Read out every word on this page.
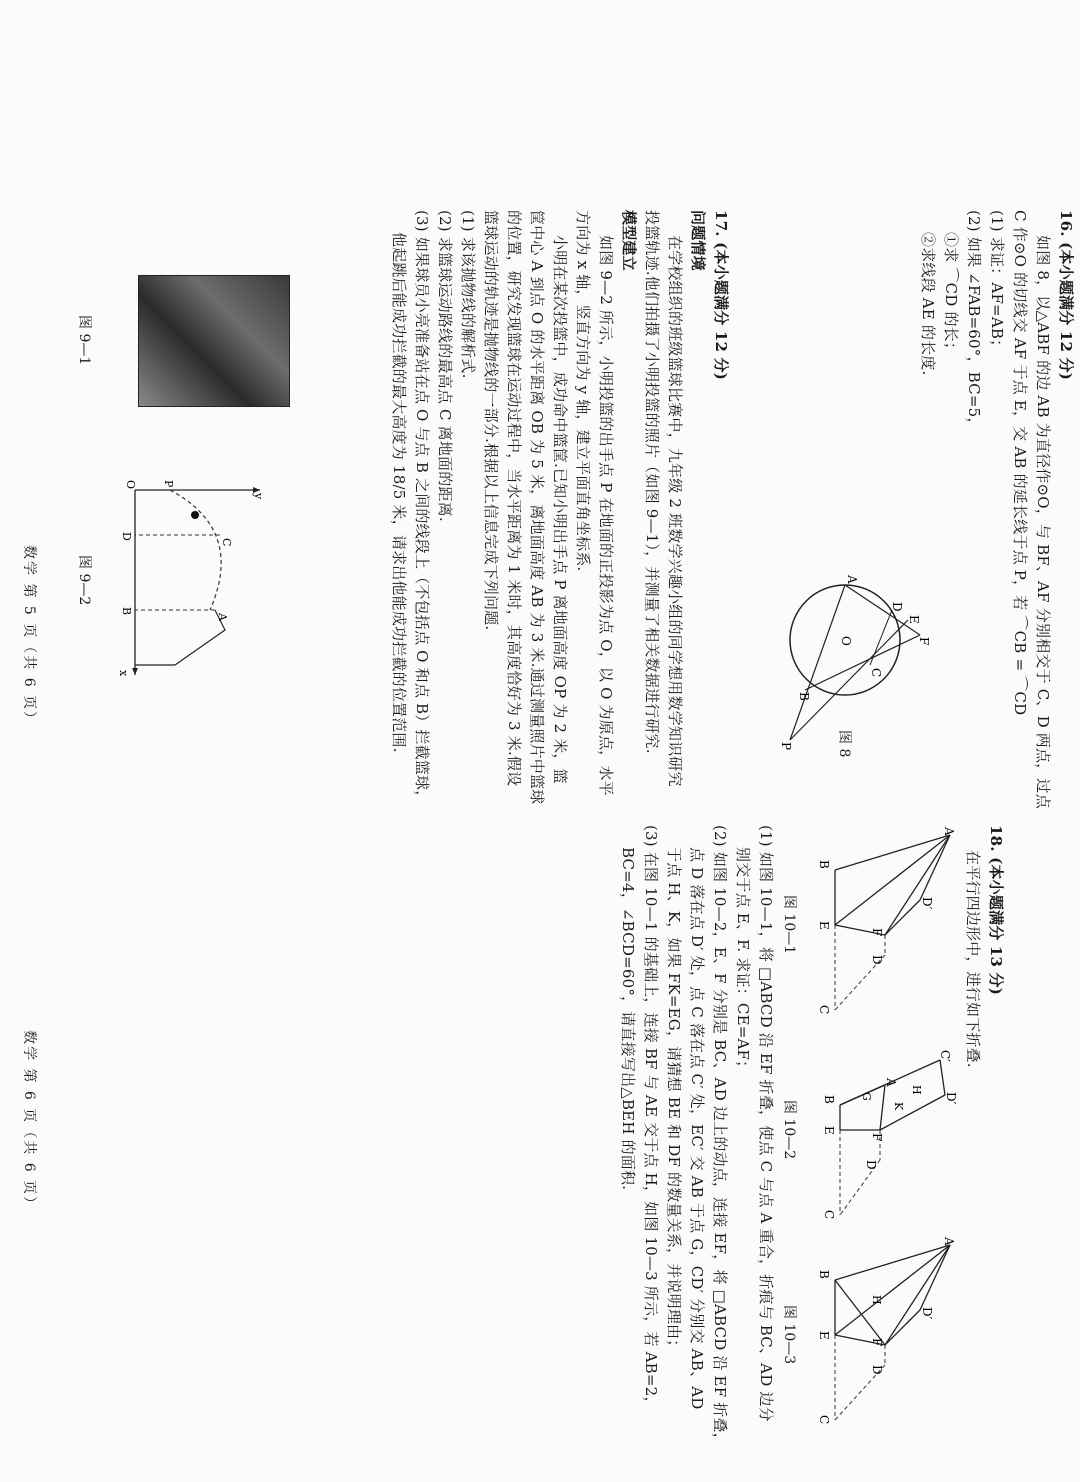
16. (本小题满分 12 分)
如图 8，以△ABF 的边 AB 为直径作⊙O，与 BF、AF 分别相交于 C、D 两点，过点
C 作⊙O 的切线交 AF 于点 E，交 AB 的延长线于点 P，若 ⌒CB = ⌒CD
(1) 求证：AF=AB；
(2) 如果 ∠FAB=60°，BC=5，
①求 ⌒CD 的长；
②求线段 AE 的长度.
A
O	F
E
D
C
B
P	图 8
17. (本小题满分 12 分)
问题情境
在学校组织的班级篮球比赛中，九年级 2 班数学兴趣小组的同学想用数学知识研究
投篮轨迹.他们拍摄了小明投篮的照片（如图 9—1），并测量了相关数据进行研究.
模型建立
如图 9—2 所示，小明投篮的出手点 P 在地面的正投影为点 O，以 O 为原点，水平
方向为 x 轴，竖直方向为 y 轴，建立平面直角坐标系.
小明在某次投篮中，成功命中篮筐.已知小明出手点 P 离地面高度 OP 为 2 米，篮
筐中心 A 到点 O 的水平距离 OB 为 5 米，离地面高度 AB 为 3 米.通过测量照片中篮球
的位置，研究发现篮球在运动过程中，当水平距离为 1 米时，其高度恰好为 3 米.假设
篮球运动的轨迹是抛物线的一部分.根据以上信息完成下列问题.
(1) 求该抛物线的解析式.
(2) 求篮球运动路线的最高点 C 离地面的距离.
(3) 如果球员小亮准备站在点 O 与点 B 之间的线段上（不包括点 O 和点 B）拦截篮球，
他起跳后能成功拦截的最大高度为 18/5 米，请求出他能成功拦截的位置范围.
图 9—1
O P
y
x
D
B
C
A
图 9—2
数学 第 5 页（共 6 页）
18. (本小题满分 13 分)
在平行四边形中，进行如下折叠.
A
D′
F
D
B
E
C
图 10—1
C′
D′
A
H
G
K
F
D
B
E
C
图 10—2
A
D′
H
F
D
B
E
C
图 10—3
(1) 如图 10—1，将 □ABCD 沿 EF 折叠，使点 C 与点 A 重合，折痕与 BC、AD 边分
别交于点 E、F. 求证：CE=AF；
(2) 如图 10—2，E、F 分别是 BC、AD 边上的动点，连接 EF，将 □ABCD 沿 EF 折叠，
点 D 落在点 D′ 处，点 C 落在点 C′ 处，EC′ 交 AB 于点 G，CD′ 分别交 AB、AD
于点 H、K，如果 FK=EG，请猜想 BE 和 DF 的数量关系，并说明理由；
(3) 在图 10—1 的基础上，连接 BF 与 AE 交于点 H，如图 10—3 所示，若 AB=2，
BC=4，∠BCD=60°，请直接写出△BEH 的面积.
数学 第 6 页（共 6 页）
